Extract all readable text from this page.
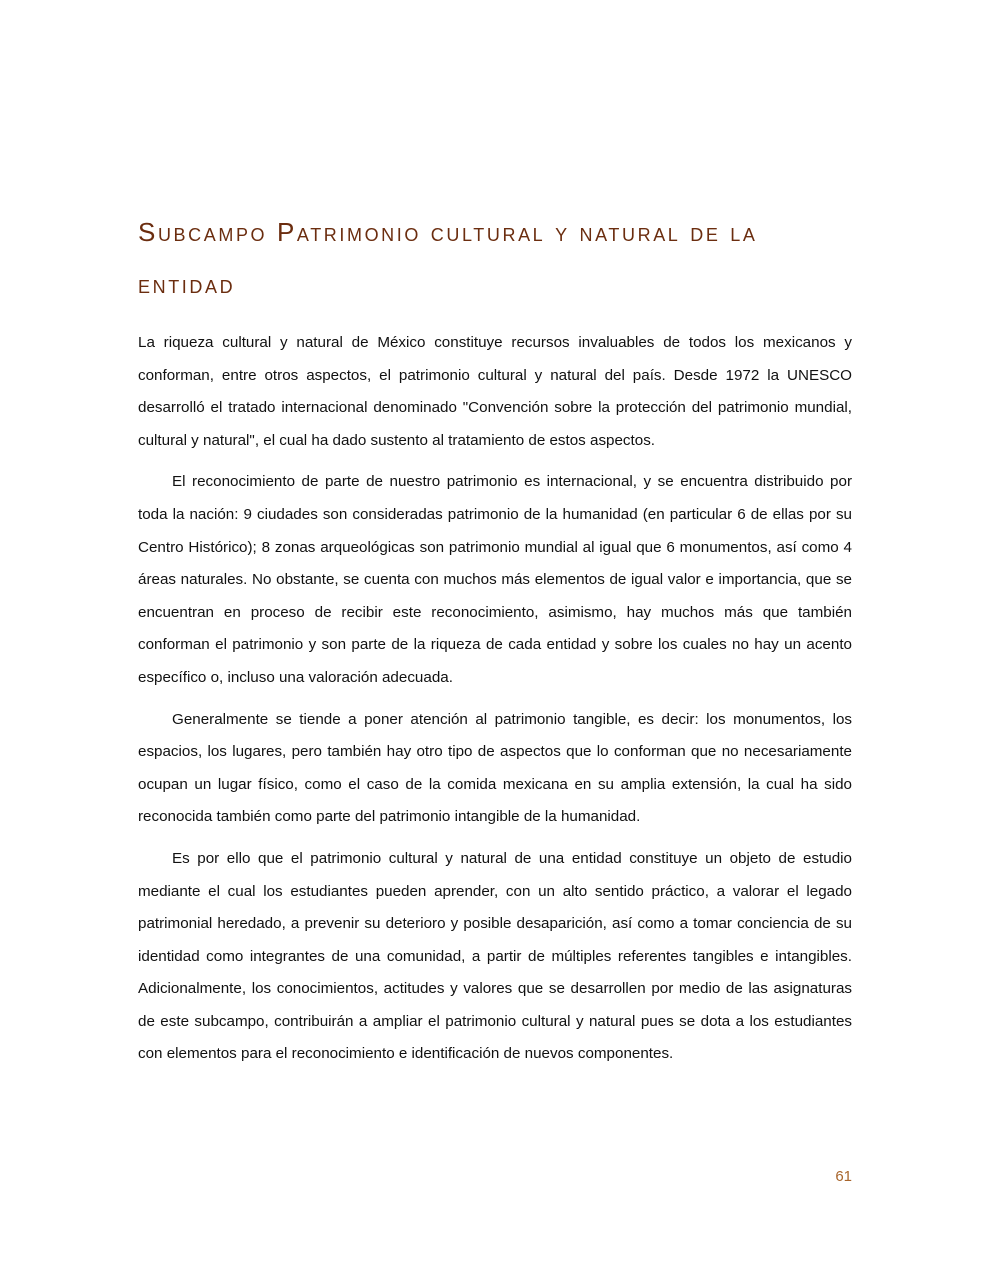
Subcampo Patrimonio cultural y natural de la entidad

La riqueza cultural y natural de México constituye recursos invaluables de todos los mexicanos y conforman, entre otros aspectos, el patrimonio cultural y natural del país. Desde 1972 la UNESCO desarrolló el tratado internacional denominado "Convención sobre la protección del patrimonio mundial, cultural y natural", el cual ha dado sustento al tratamiento de estos aspectos.

El reconocimiento de parte de nuestro patrimonio es internacional, y se encuentra distribuido por toda la nación: 9 ciudades son consideradas patrimonio de la humanidad (en particular 6 de ellas por su Centro Histórico); 8 zonas arqueológicas son patrimonio mundial al igual que 6 monumentos, así como 4 áreas naturales. No obstante, se cuenta con muchos más elementos de igual valor e importancia, que se encuentran en proceso de recibir este reconocimiento, asimismo, hay muchos más que también conforman el patrimonio y son parte de la riqueza de cada entidad y sobre los cuales no hay un acento específico o, incluso una valoración adecuada.

Generalmente se tiende a poner atención al patrimonio tangible, es decir: los monumentos, los espacios, los lugares, pero también hay otro tipo de aspectos que lo conforman que no necesariamente ocupan un lugar físico, como el caso de la comida mexicana en su amplia extensión, la cual ha sido reconocida también como parte del patrimonio intangible de la humanidad.

Es por ello que el patrimonio cultural y natural de una entidad constituye un objeto de estudio mediante el cual los estudiantes pueden aprender, con un alto sentido práctico, a valorar el legado patrimonial heredado, a prevenir su deterioro y posible desaparición, así como a tomar conciencia de su identidad como integrantes de una comunidad, a partir de múltiples referentes tangibles e intangibles. Adicionalmente, los conocimientos, actitudes y valores que se desarrollen por medio de las asignaturas de este subcampo, contribuirán a ampliar el patrimonio cultural y natural pues se dota a los estudiantes con elementos para el reconocimiento e identificación de nuevos componentes.

61
